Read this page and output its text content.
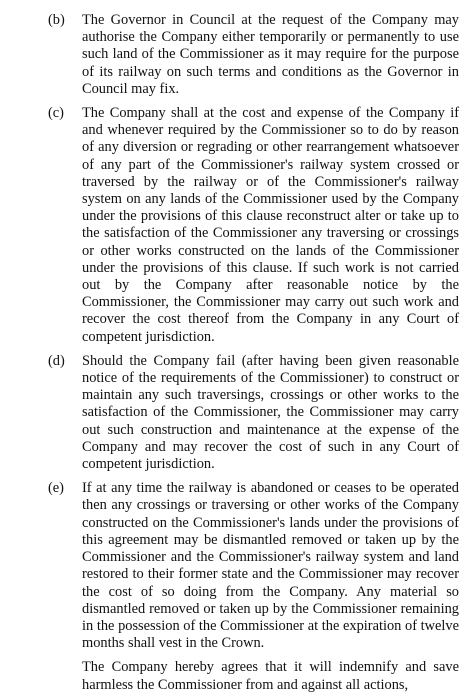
(b) The Governor in Council at the request of the Company may authorise the Company either temporarily or permanently to use such land of the Commissioner as it may require for the purpose of its railway on such terms and conditions as the Governor in Council may fix.

(c) The Company shall at the cost and expense of the Company if and whenever required by the Commissioner so to do by reason of any diversion or regrading or other rearrangement whatsoever of any part of the Commissioner's railway system crossed or traversed by the railway or of the Commissioner's railway system on any lands of the Commissioner used by the Company under the provisions of this clause reconstruct alter or take up to the satisfaction of the Commissioner any traversing or crossings or other works constructed on the lands of the Commissioner under the provisions of this clause. If such work is not carried out by the Company after reasonable notice by the Commissioner, the Commissioner may carry out such work and recover the cost thereof from the Company in any Court of competent jurisdiction.

(d) Should the Company fail (after having been given reasonable notice of the requirements of the Commissioner) to construct or maintain any such traversings, crossings or other works to the satisfaction of the Commissioner, the Commissioner may carry out such construction and maintenance at the expense of the Company and may recover the cost of such in any Court of competent jurisdiction.

(e) If at any time the railway is abandoned or ceases to be operated then any crossings or traversing or other works of the Company constructed on the Commissioner's lands under the provisions of this agreement may be dismantled removed or taken up by the Commissioner and the Commissioner's railway system and land restored to their former state and the Commissioner may recover the cost of so doing from the Company. Any material so dismantled removed or taken up by the Commissioner remaining in the possession of the Commissioner at the expiration of twelve months shall vest in the Crown.

The Company hereby agrees that it will indemnify and save harmless the Commissioner from and against all actions,
